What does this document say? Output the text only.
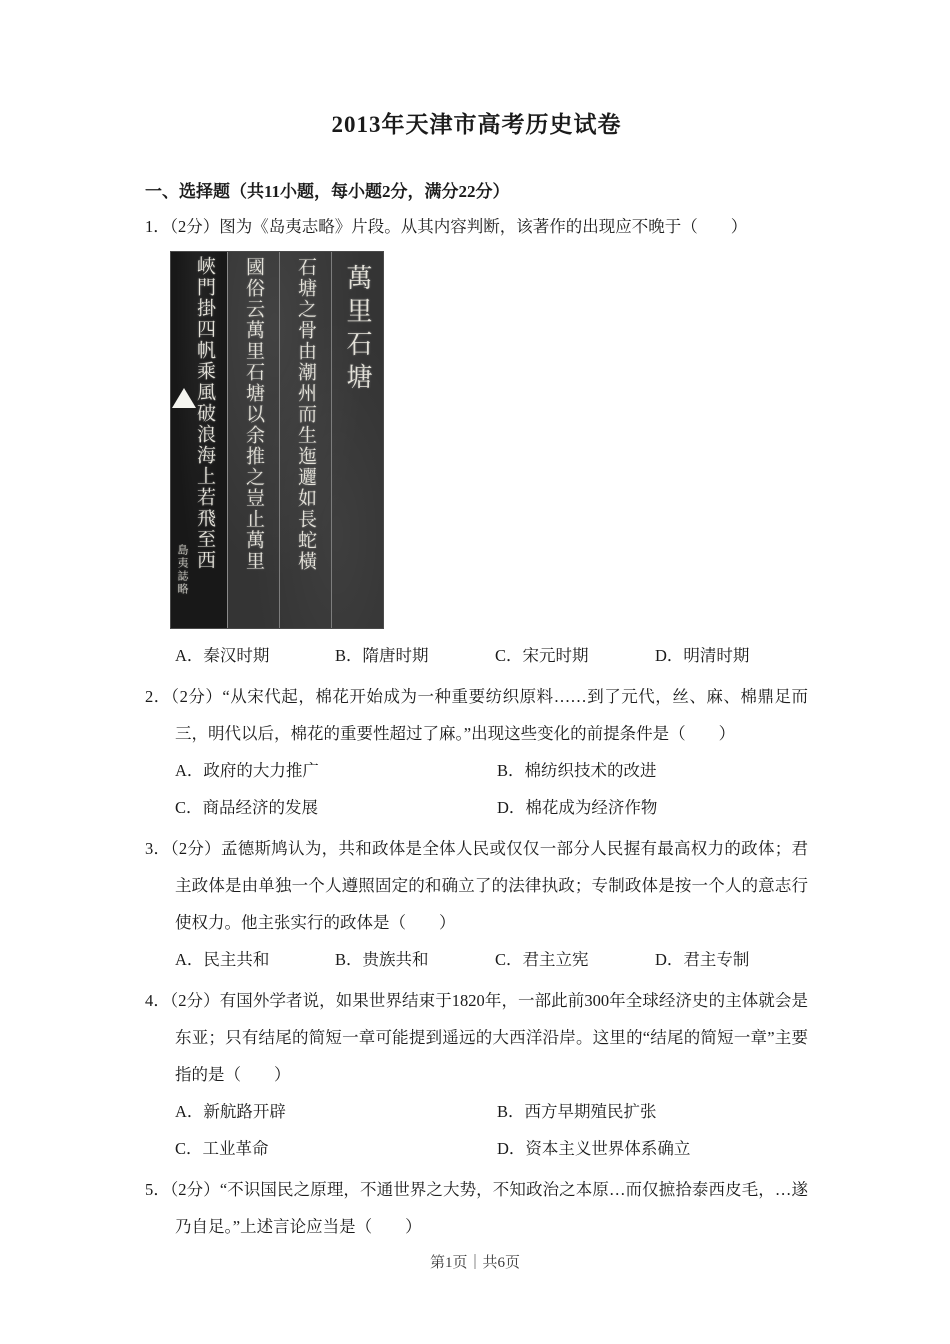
2013年天津市高考历史试卷
一、选择题（共11小题，每小题2分，满分22分）

1．（2分）图为《岛夷志略》片段。从其内容判断，该著作的出现应不晚于（　　）

峽門掛四帆乘風破浪海上若飛至西
島夷誌略	國俗云萬里石塘以余推之豈止萬里 石塘之骨由潮州而生迤邐如長蛇橫 萬里石塘
A．秦汉时期	B．隋唐时期	C．宋元时期	D．明清时期

2．（2分）“从宋代起，棉花开始成为一种重要纺织原料……到了元代，丝、麻、棉鼎足而三，明代以后，棉花的重要性超过了麻。”出现这些变化的前提条件是（　　）

A．政府的大力推广	B．棉纺织技术的改进
C．商品经济的发展	D．棉花成为经济作物

3．（2分）孟德斯鸠认为，共和政体是全体人民或仅仅一部分人民握有最高权力的政体；君主政体是由单独一个人遵照固定的和确立了的法律执政；专制政体是按一个人的意志行使权力。他主张实行的政体是（　　）

A．民主共和	B．贵族共和	C．君主立宪	D．君主专制

4．（2分）有国外学者说，如果世界结束于1820年，一部此前300年全球经济史的主体就会是东亚；只有结尾的简短一章可能提到遥远的大西洋沿岸。这里的“结尾的简短一章”主要指的是（　　）

A．新航路开辟	B．西方早期殖民扩张
C．工业革命	D．资本主义世界体系确立

5．（2分）“不识国民之原理，不通世界之大势，不知政治之本原…而仅摭拾泰西皮毛，…遂乃自足。”上述言论应当是（　　）

第1页｜共6页
